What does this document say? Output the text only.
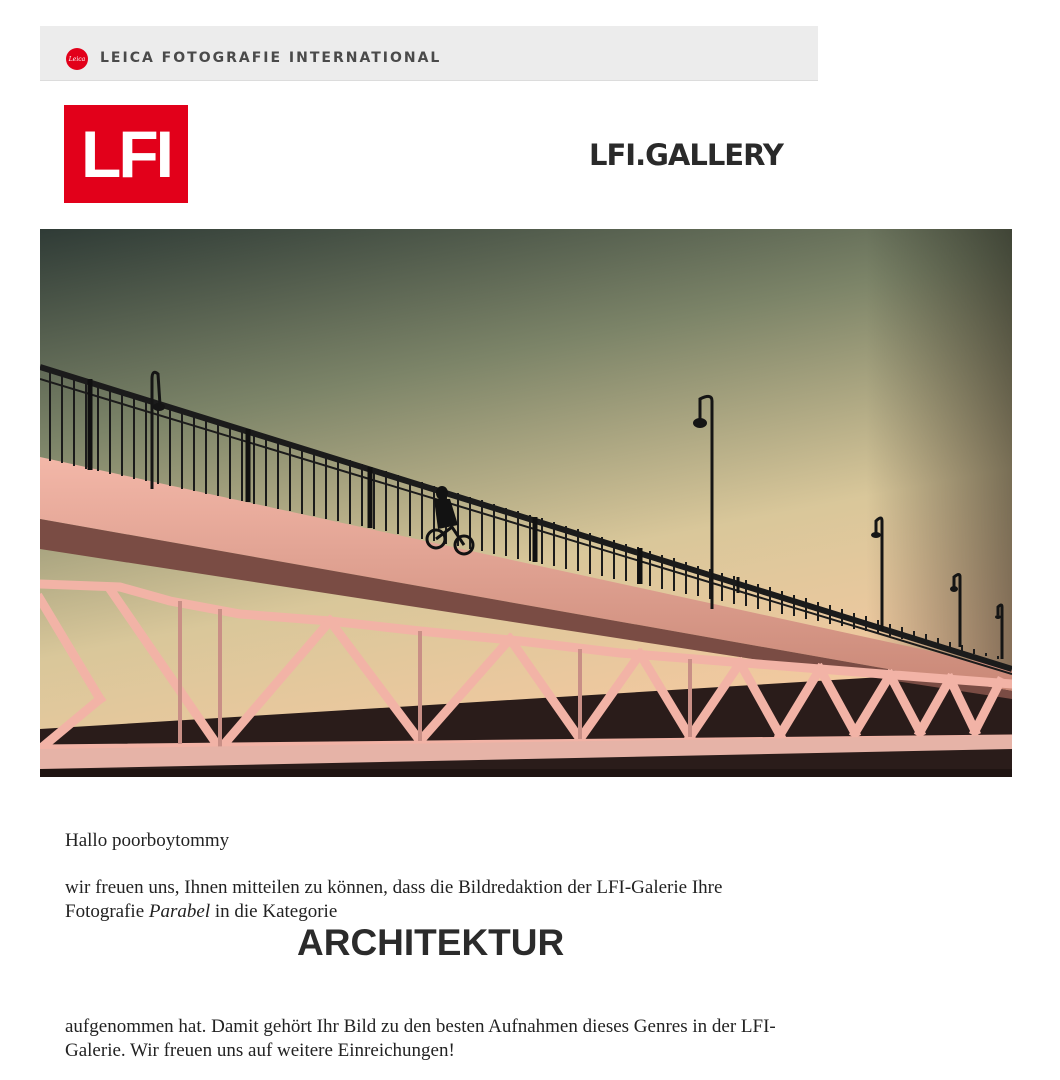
Leica LEICA FOTOGRAFIE INTERNATIONAL
LFI	LFI.GALLERY
Hallo poorboytommy
wir freuen uns, Ihnen mitteilen zu können, dass die Bildredaktion der LFI-Galerie Ihre Fotografie Parabel in die Kategorie
ARCHITEKTUR
aufgenommen hat. Damit gehört Ihr Bild zu den besten Aufnahmen dieses Genres in der LFI-Galerie. Wir freuen uns auf weitere Einreichungen!
